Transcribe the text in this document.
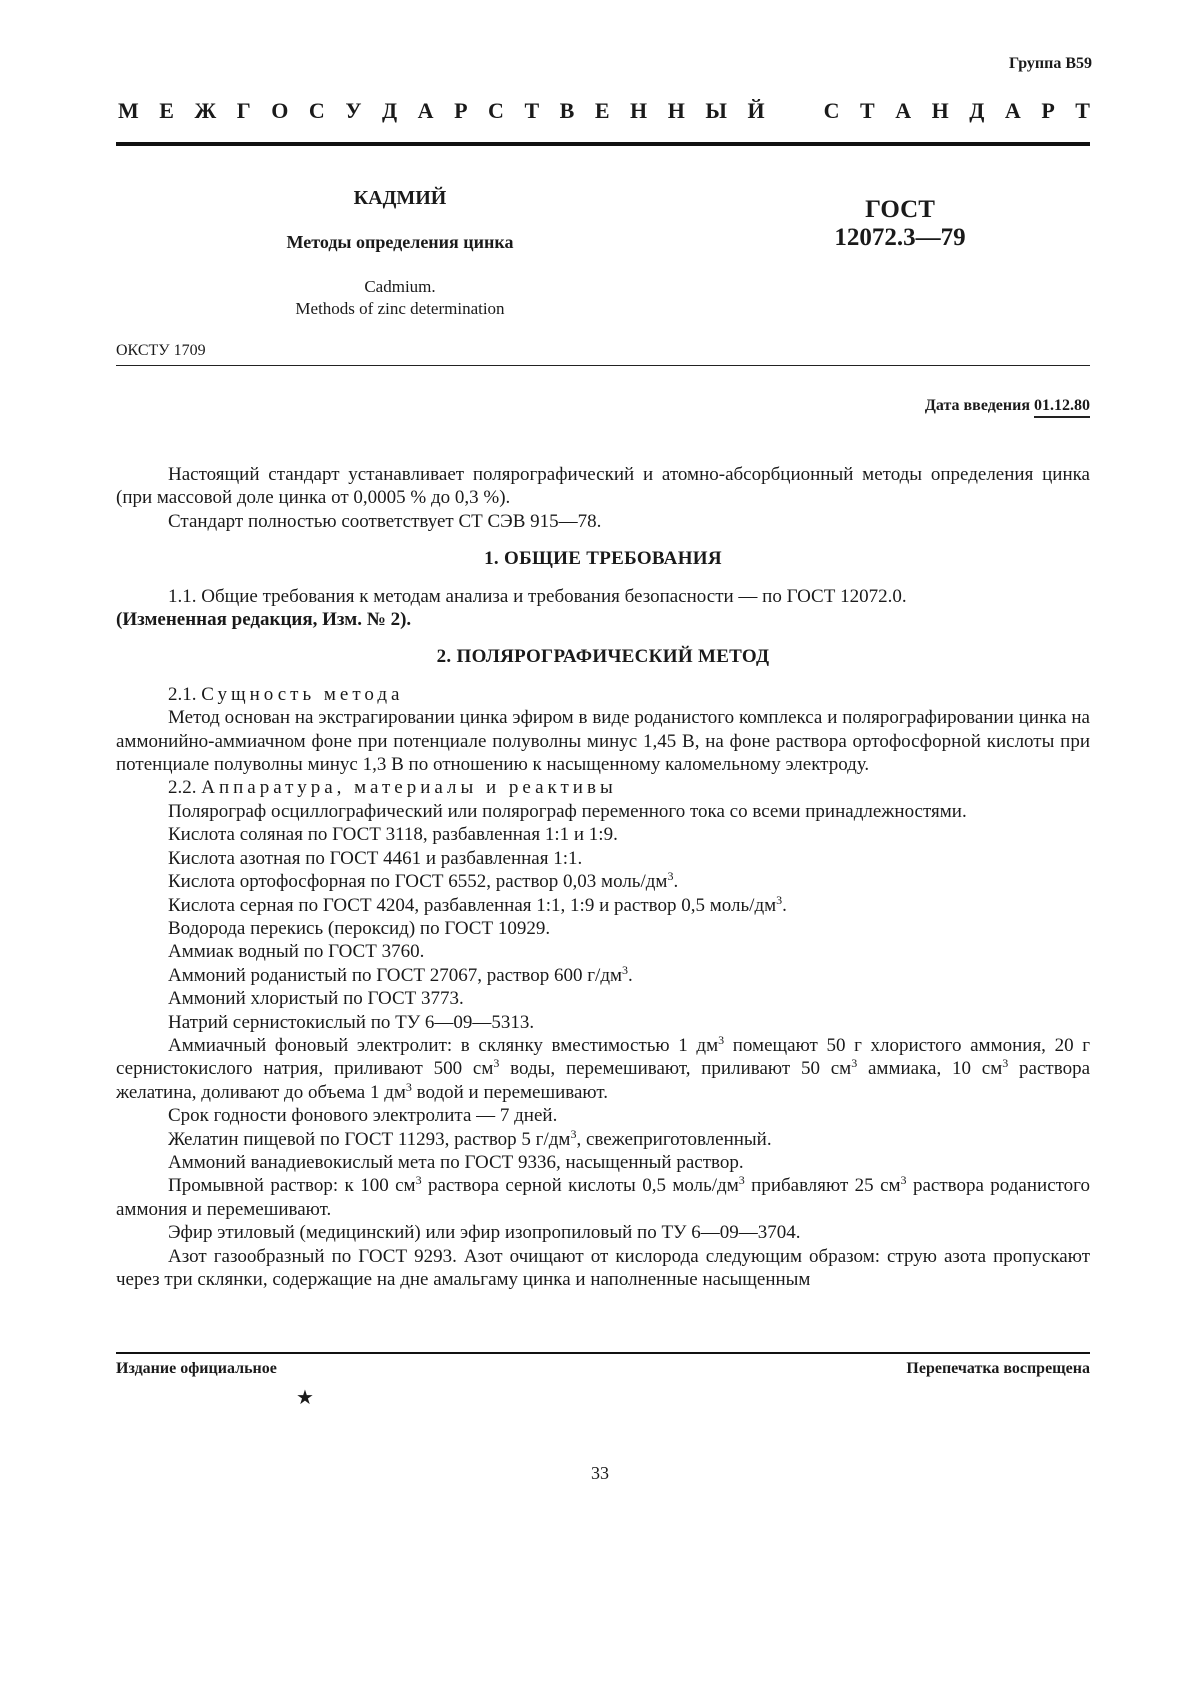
Группа В59
М Е Ж Г О С У Д А Р С Т В Е Н Н Ы Й	С Т А Н Д А Р Т
КАДМИЙ
Методы определения цинка
Cadmium.
Methods of zinc determination
ГОСТ
12072.3—79
ОКСТУ 1709
Дата введения 01.12.80

Настоящий стандарт устанавливает полярографический и атомно-абсорбционный методы определения цинка (при массовой доле цинка от 0,0005 % до 0,3 %).

Стандарт полностью соответствует СТ СЭВ 915—78.

1. ОБЩИЕ ТРЕБОВАНИЯ

1.1. Общие требования к методам анализа и требования безопасности — по ГОСТ 12072.0.

(Измененная редакция, Изм. № 2).

2. ПОЛЯРОГРАФИЧЕСКИЙ МЕТОД

2.1. Сущность метода

Метод основан на экстрагировании цинка эфиром в виде роданистого комплекса и полярографировании цинка на аммонийно-аммиачном фоне при потенциале полуволны минус 1,45 В, на фоне раствора ортофосфорной кислоты при потенциале полуволны минус 1,3 В по отношению к насыщенному каломельному электроду.

2.2. Аппаратура, материалы и реактивы

Полярограф осциллографический или полярограф переменного тока со всеми принадлежностями.

Кислота соляная по ГОСТ 3118, разбавленная 1:1 и 1:9.

Кислота азотная по ГОСТ 4461 и разбавленная 1:1.

Кислота ортофосфорная по ГОСТ 6552, раствор 0,03 моль/$дм^3$.

Кислота серная по ГОСТ 4204, разбавленная 1:1, 1:9 и раствор 0,5 моль/$дм^3$.

Водорода перекись (пероксид) по ГОСТ 10929.

Аммиак водный по ГОСТ 3760.

Аммоний роданистый по ГОСТ 27067, раствор 600 $г/дм^3$.

Аммоний хлористый по ГОСТ 3773.

Натрий сернистокислый по ТУ 6—09—5313.

Аммиачный фоновый электролит: в склянку вместимостью 1 $дм^3$ помещают 50 г хлористого аммония, 20 г сернистокислого натрия, приливают 500 $см^3$ воды, перемешивают, приливают 50 $см^3$ аммиака, 10 $см^3$ раствора желатина, доливают до объема 1 $дм^3$ водой и перемешивают.

Срок годности фонового электролита — 7 дней.

Желатин пищевой по ГОСТ 11293, раствор 5 $г/дм^3$, свежеприготовленный.

Аммоний ванадиевокислый мета по ГОСТ 9336, насыщенный раствор.

Промывной раствор: к 100 $см^3$ раствора серной кислоты 0,5 моль/$дм^3$ прибавляют 25 $см^3$ раствора роданистого аммония и перемешивают.

Эфир этиловый (медицинский) или эфир изопропиловый по ТУ 6—09—3704.

Азот газообразный по ГОСТ 9293. Азот очищают от кислорода следующим образом: струю азота пропускают через три склянки, содержащие на дне амальгаму цинка и наполненные насыщенным

Издание официальное	Перепечатка воспрещена
★
33
